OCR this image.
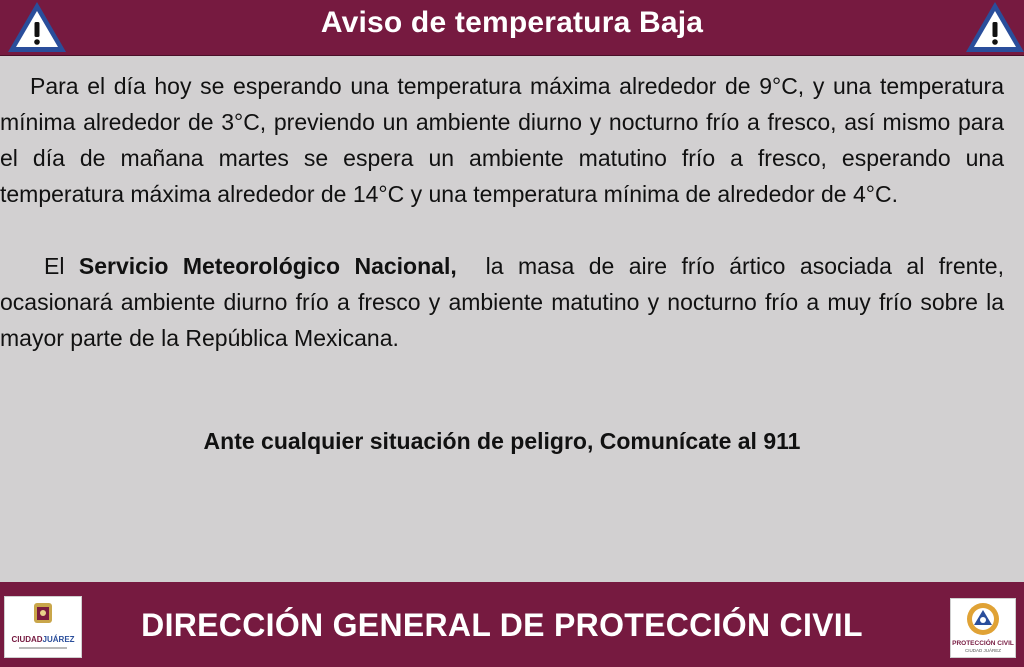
Aviso de temperatura Baja

Para el día hoy se esperando una temperatura máxima alrededor de 9°C, y una temperatura mínima alrededor de 3°C, previendo un ambiente diurno y nocturno frío a fresco, así mismo para el día de mañana martes se espera un ambiente matutino frío a fresco, esperando una temperatura máxima alrededor de 14°C y una temperatura mínima de alrededor de 4°C.

El Servicio Meteorológico Nacional,  la masa de aire frío ártico asociada al frente, ocasionará ambiente diurno frío a fresco y ambiente matutino y nocturno frío a muy frío sobre la mayor parte de la República Mexicana.

Ante cualquier situación de peligro, Comunícate al 911
CIUDADJUÁREZ	DIRECCIÓN GENERAL DE PROTECCIÓN CIVIL
PROTECCIÓN CIVIL
CIUDAD JUÁREZ
